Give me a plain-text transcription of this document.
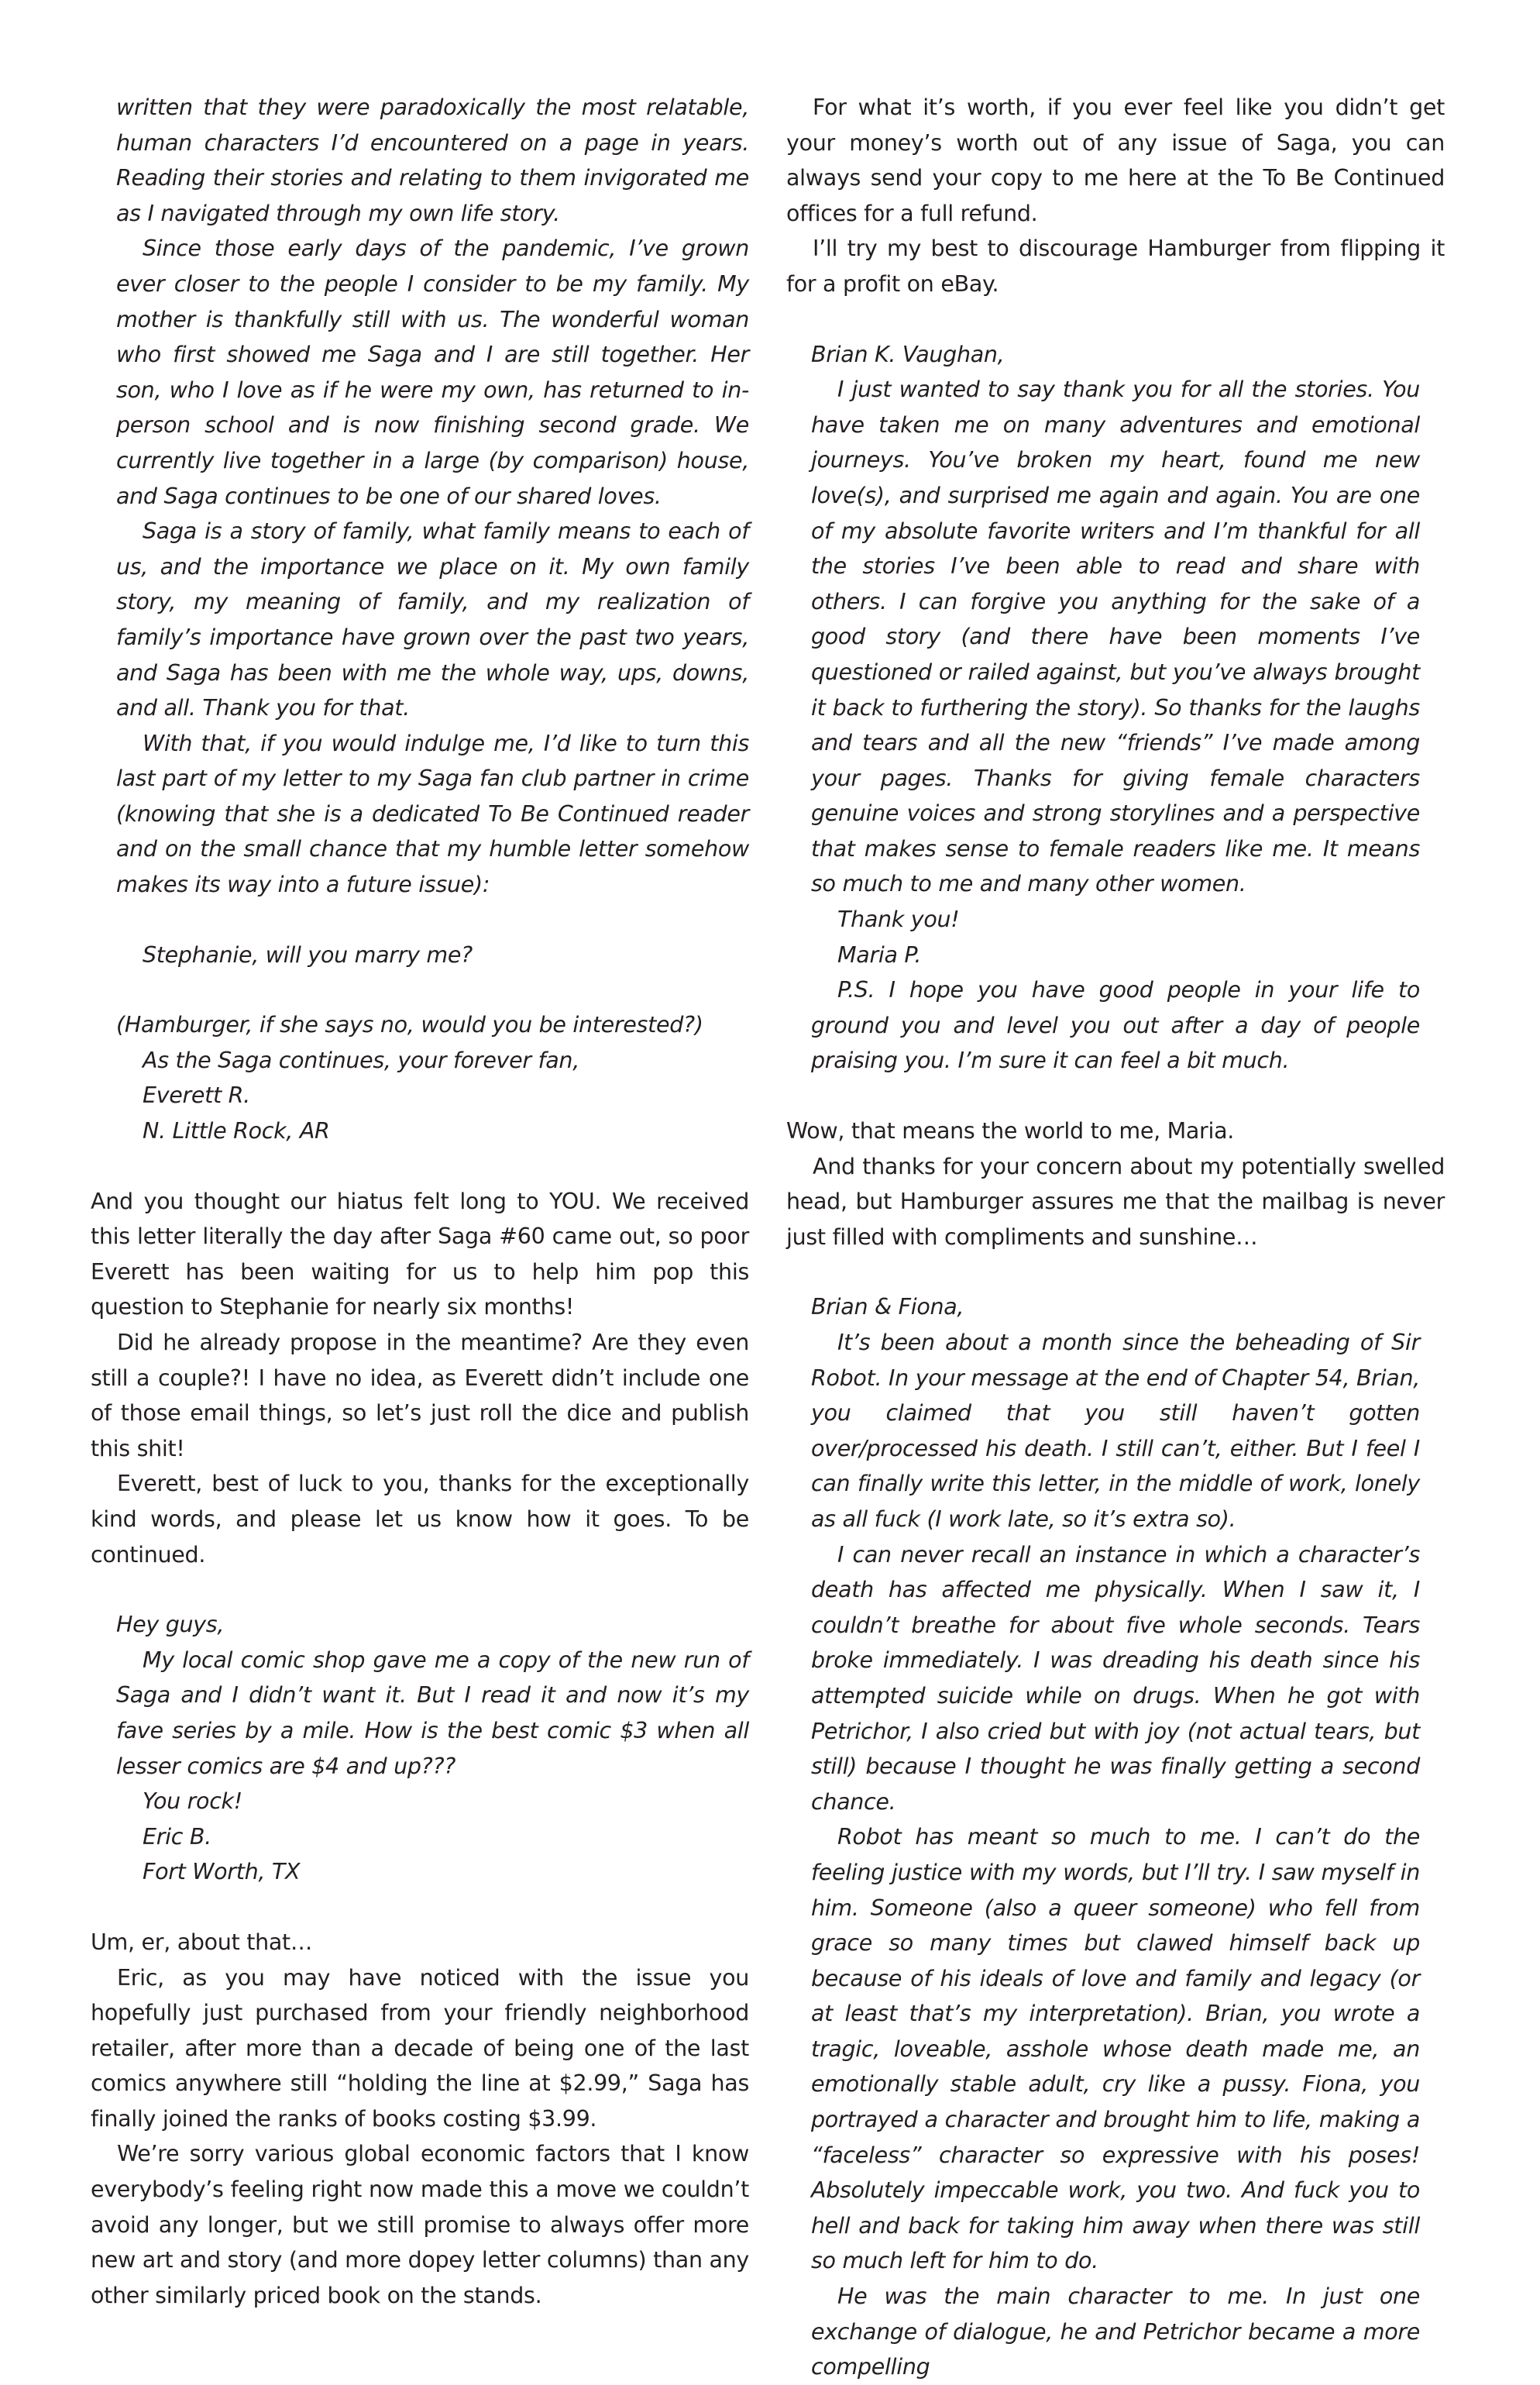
written that they were paradoxically the most relatable, human characters I’d encountered on a page in years. Reading their stories and relating to them invigorated me as I navigated through my own life story.

Since those early days of the pandemic, I’ve grown ever closer to the people I consider to be my family. My mother is thankfully still with us. The wonderful woman who first showed me Saga and I are still together. Her son, who I love as if he were my own, has returned to in-person school and is now finishing second grade. We currently live together in a large (by comparison) house, and Saga continues to be one of our shared loves.

Saga is a story of family, what family means to each of us, and the importance we place on it. My own family story, my meaning of family, and my realization of family’s importance have grown over the past two years, and Saga has been with me the whole way, ups, downs, and all. Thank you for that.

With that, if you would indulge me, I’d like to turn this last part of my letter to my Saga fan club partner in crime (knowing that she is a dedicated To Be Continued reader and on the small chance that my humble letter somehow makes its way into a future issue):

Stephanie, will you marry me?

(Hamburger, if she says no, would you be interested?)

As the Saga continues, your forever fan,

Everett R.

N. Little Rock, AR

And you thought our hiatus felt long to YOU. We received this letter literally the day after Saga #60 came out, so poor Everett has been waiting for us to help him pop this question to Stephanie for nearly six months!

Did he already propose in the meantime? Are they even still a couple?! I have no idea, as Everett didn’t include one of those email things, so let’s just roll the dice and publish this shit!

Everett, best of luck to you, thanks for the exceptionally kind words, and please let us know how it goes. To be continued.

Hey guys,

My local comic shop gave me a copy of the new run of Saga and I didn’t want it. But I read it and now it’s my fave series by a mile. How is the best comic $3 when all lesser comics are $4 and up???

You rock!

Eric B.

Fort Worth, TX

Um, er, about that…

Eric, as you may have noticed with the issue you hopefully just purchased from your friendly neighborhood retailer, after more than a decade of being one of the last comics anywhere still “holding the line at $2.99,” Saga has finally joined the ranks of books costing $3.99.

We’re sorry various global economic factors that I know everybody’s feeling right now made this a move we couldn’t avoid any longer, but we still promise to always offer more new art and story (and more dopey letter columns) than any other similarly priced book on the stands.

For what it’s worth, if you ever feel like you didn’t get your money’s worth out of any issue of Saga, you can always send your copy to me here at the To Be Continued offices for a full refund.

I’ll try my best to discourage Hamburger from flipping it for a profit on eBay.

Brian K. Vaughan,

I just wanted to say thank you for all the stories. You have taken me on many adventures and emotional journeys. You’ve broken my heart, found me new love(s), and surprised me again and again. You are one of my absolute favorite writers and I’m thankful for all the stories I’ve been able to read and share with others. I can forgive you anything for the sake of a good story (and there have been moments I’ve questioned or railed against, but you’ve always brought it back to furthering the story). So thanks for the laughs and tears and all the new “friends” I’ve made among your pages. Thanks for giving female characters genuine voices and strong storylines and a perspective that makes sense to female readers like me. It means so much to me and many other women.

Thank you!

Maria P.

P.S. I hope you have good people in your life to ground you and level you out after a day of people praising you. I’m sure it can feel a bit much.

Wow, that means the world to me, Maria.

And thanks for your concern about my potentially swelled head, but Hamburger assures me that the mailbag is never just filled with compliments and sunshine…

Brian & Fiona,

It’s been about a month since the beheading of Sir Robot. In your message at the end of Chapter 54, Brian, you claimed that you still haven’t gotten over/processed his death. I still can’t, either. But I feel I can finally write this letter, in the middle of work, lonely as all fuck (I work late, so it’s extra so).

I can never recall an instance in which a character’s death has affected me physically. When I saw it, I couldn’t breathe for about five whole seconds. Tears broke immediately. I was dreading his death since his attempted suicide while on drugs. When he got with Petrichor, I also cried but with joy (not actual tears, but still) because I thought he was finally getting a second chance.

Robot has meant so much to me. I can’t do the feeling justice with my words, but I’ll try. I saw myself in him. Someone (also a queer someone) who fell from grace so many times but clawed himself back up because of his ideals of love and family and legacy (or at least that’s my interpretation). Brian, you wrote a tragic, loveable, asshole whose death made me, an emotionally stable adult, cry like a pussy. Fiona, you portrayed a character and brought him to life, making a “faceless” character so expressive with his poses! Absolutely impeccable work, you two. And fuck you to hell and back for taking him away when there was still so much left for him to do.

He was the main character to me. In just one exchange of dialogue, he and Petrichor became a more compelling
